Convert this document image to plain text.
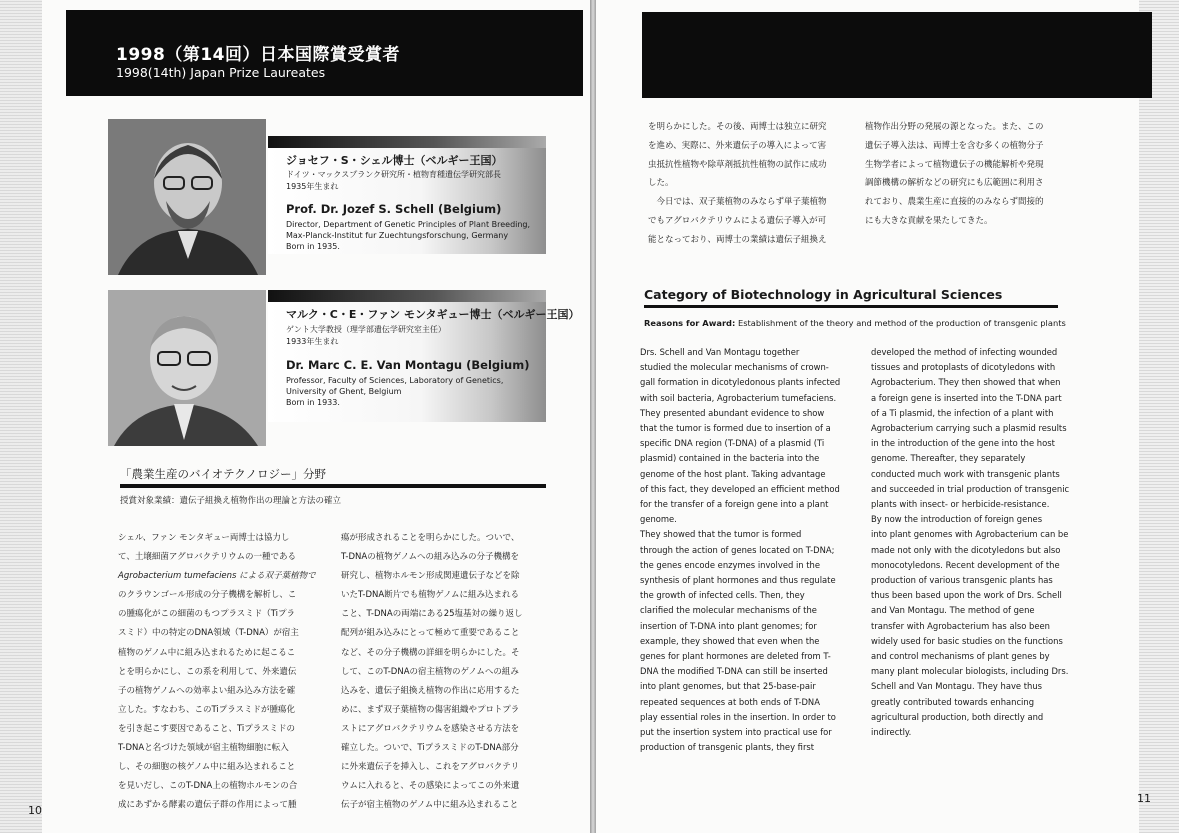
1998（第14回）日本国際賞受賞者
1998(14th) Japan Prize Laureates
ジョセフ・S・シェル博士（ベルギー王国）
ドイツ・マックスプランク研究所・植物育種遺伝学研究部長
1935年生まれ
Prof. Dr. Jozef S. Schell (Belgium)
Director, Department of Genetic Principles of Plant Breeding,
Max-Planck-Institut fur Zuechtungsforschung, Germany
Born in 1935.
マルク・C・E・ファン モンタギュー博士（ベルギー王国）
ゲント大学教授（理学部遺伝学研究室主任）
1933年生まれ
Dr. Marc C. E. Van Montagu (Belgium)
Professor, Faculty of Sciences, Laboratory of Genetics,
University of Ghent, Belgium
Born in 1933.
「農業生産のバイオテクノロジー」分野
授賞対象業績：遺伝子組換え植物作出の理論と方法の確立
シェル、ファン モンタギュー両博士は協力し
て、土壌細菌アグロバクテリウムの一種である
Agrobacterium tumefaciens による双子葉植物で
のクラウンゴール形成の分子機構を解析し、こ
の腫瘍化がこの細菌のもつプラスミド（Tiプラ
スミド）中の特定のDNA領域（T-DNA）が宿主
植物のゲノム中に組み込まれるために起こるこ
とを明らかにし、この系を利用して、外来遺伝
子の植物ゲノムへの効率よい組み込み方法を確
立した。すなわち、このTiプラスミドが腫瘍化
を引き起こす要因であること、Tiプラスミドの
T-DNAと名づけた領域が宿主植物細胞に転入
し、その細胞の核ゲノム中に組み込まれること
を見いだし、このT-DNA上の植物ホルモンの合
成にあずかる酵素の遺伝子群の作用によって腫
瘍が形成されることを明らかにした。ついで、
T-DNAの植物ゲノムへの組み込みの分子機構を
研究し、植物ホルモン形成関連遺伝子などを除
いたT-DNA断片でも植物ゲノムに組み込まれる
こと、T-DNAの両端にある25塩基対の繰り返し
配列が組み込みにとって極めて重要であること
など、その分子機構の詳細を明らかにした。そ
して、このT-DNAの宿主植物のゲノムへの組み
込みを、遺伝子組換え植物の作出に応用するた
めに、まず双子葉植物の傷害組織やプロトプラ
ストにアグロバクテリウムを感染させる方法を
確立した。ついで、TiプラスミドのT-DNA部分
に外来遺伝子を挿入し、これをアグロバクテリ
ウムに入れると、その感染によってこの外来遺
伝子が宿主植物のゲノム中に組み込まれること
10
11
を明らかにした。その後、両博士は独立に研究
を進め、実際に、外来遺伝子の導入によって害
虫抵抗性植物や除草剤抵抗性植物の試作に成功
した。
　今日では、双子葉植物のみならず単子葉植物
でもアグロバクテリウムによる遺伝子導入が可
能となっており、両博士の業績は遺伝子組換え
植物作出分野の発展の源となった。また、この
遺伝子導入法は、両博士を含む多くの植物分子
生物学者によって植物遺伝子の機能解析や発現
調節機構の解析などの研究にも広範囲に利用さ
れており、農業生産に直接的のみならず間接的
にも大きな貢献を果たしてきた。
Category of Biotechnology in Agricultural Sciences
Reasons for Award: Establishment of the theory and method of the production of transgenic plants
Drs. Schell and Van Montagu together
studied the molecular mechanisms of crown-
gall formation in dicotyledonous plants infected
with soil bacteria, Agrobacterium tumefaciens.
They presented abundant evidence to show
that the tumor is formed due to insertion of a
specific DNA region (T-DNA) of a plasmid (Ti
plasmid) contained in the bacteria into the
genome of the host plant. Taking advantage
of this fact, they developed an efficient method
for the transfer of a foreign gene into a plant
genome.
They showed that the tumor is formed
through the action of genes located on T-DNA;
the genes encode enzymes involved in the
synthesis of plant hormones and thus regulate
the growth of infected cells. Then, they
clarified the molecular mechanisms of the
insertion of T-DNA into plant genomes; for
example, they showed that even when the
genes for plant hormones are deleted from T-
DNA the modified T-DNA can still be inserted
into plant genomes, but that 25-base-pair
repeated sequences at both ends of T-DNA
play essential roles in the insertion. In order to
put the insertion system into practical use for
production of transgenic plants, they first
developed the method of infecting wounded
tissues and protoplasts of dicotyledons with
Agrobacterium. They then showed that when
a foreign gene is inserted into the T-DNA part
of a Ti plasmid, the infection of a plant with
Agrobacterium carrying such a plasmid results
in the introduction of the gene into the host
genome. Thereafter, they separately
conducted much work with transgenic plants
and succeeded in trial production of transgenic
plants with insect- or herbicide-resistance.
By now the introduction of foreign genes
into plant genomes with Agrobacterium can be
made not only with the dicotyledons but also
monocotyledons. Recent development of the
production of various transgenic plants has
thus been based upon the work of Drs. Schell
and Van Montagu. The method of gene
transfer with Agrobacterium has also been
widely used for basic studies on the functions
and control mechanisms of plant genes by
many plant molecular biologists, including Drs.
Schell and Van Montagu. They have thus
greatly contributed towards enhancing
agricultural production, both directly and
indirectly.
